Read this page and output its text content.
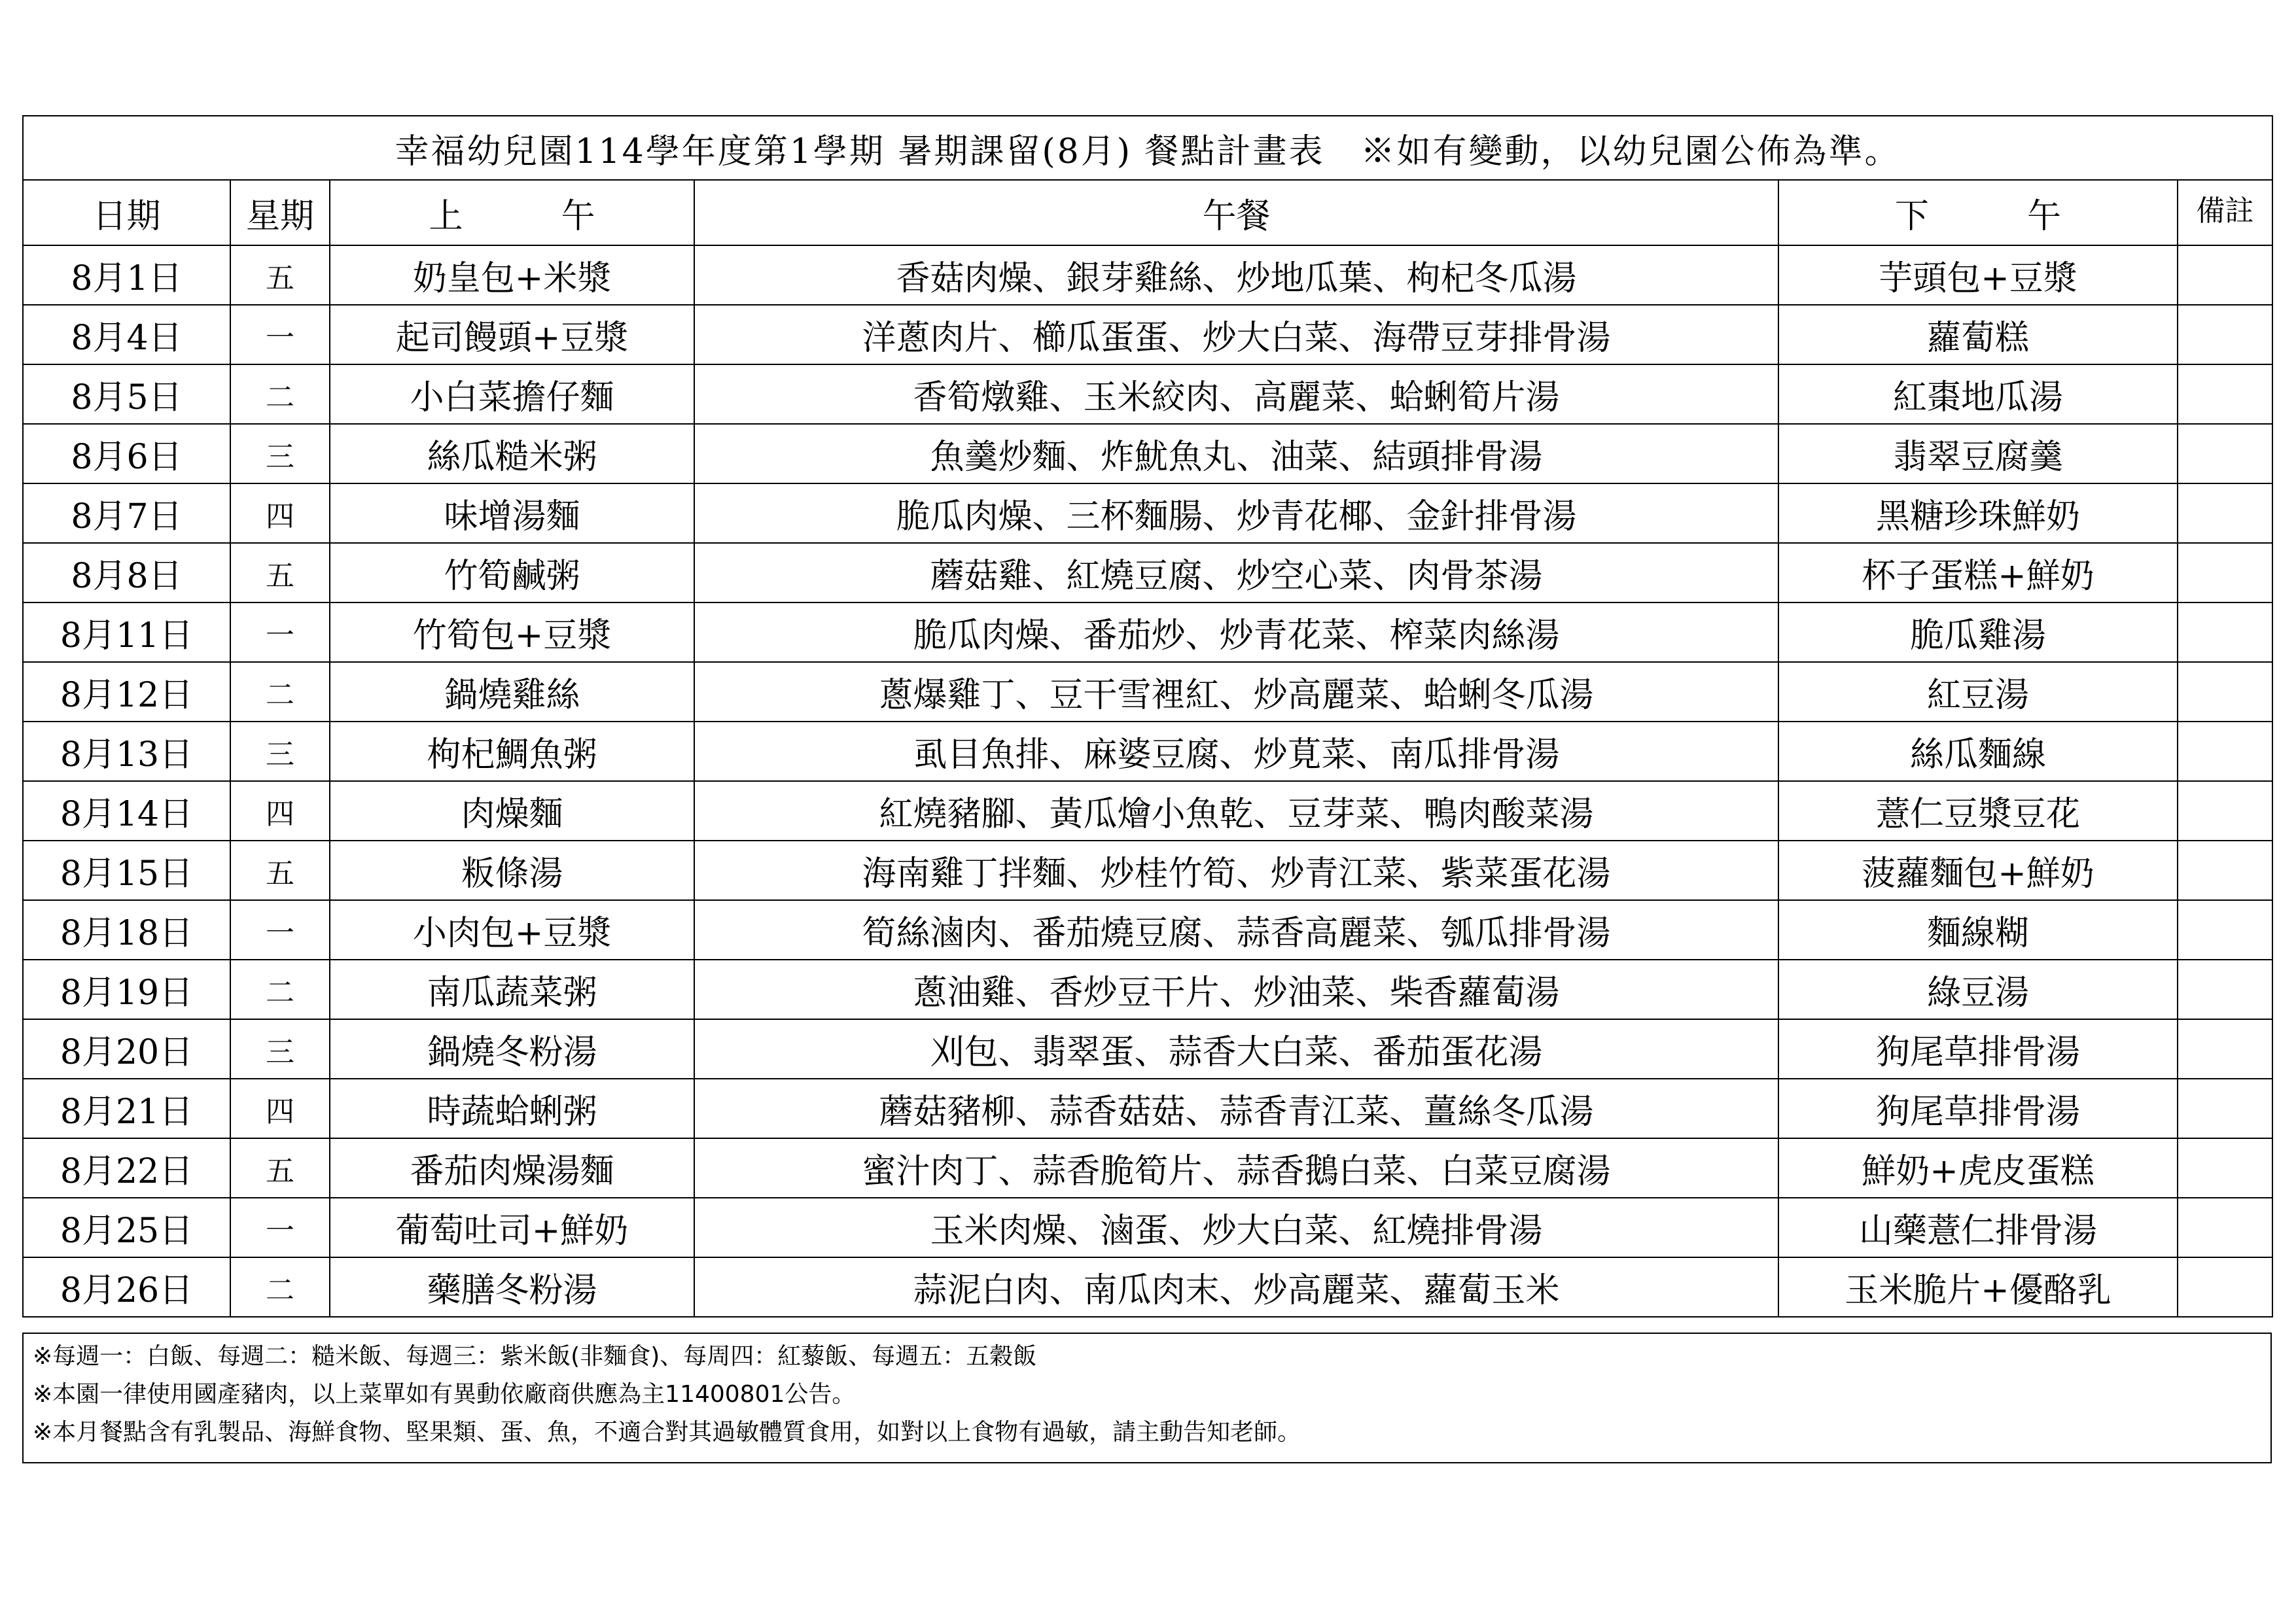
幸福幼兒園114學年度第1學期 暑期課留(8月) 餐點計畫表　※如有變動，以幼兒園公佈為準。					
日期	星期	上午	午餐	下午	備註
8月1日	五	奶皇包+米漿	香菇肉燥、銀芽雞絲、炒地瓜葉、枸杞冬瓜湯	芋頭包+豆漿	
8月4日	一	起司饅頭+豆漿	洋蔥肉片、櫛瓜蛋蛋、炒大白菜、海帶豆芽排骨湯	蘿蔔糕	
8月5日	二	小白菜擔仔麵	香筍燉雞、玉米絞肉、高麗菜、蛤蜊筍片湯	紅棗地瓜湯	
8月6日	三	絲瓜糙米粥	魚羹炒麵、炸魷魚丸、油菜、結頭排骨湯	翡翠豆腐羹	
8月7日	四	味增湯麵	脆瓜肉燥、三杯麵腸、炒青花椰、金針排骨湯	黑糖珍珠鮮奶	
8月8日	五	竹筍鹹粥	蘑菇雞、紅燒豆腐、炒空心菜、肉骨茶湯	杯子蛋糕+鮮奶	
8月11日	一	竹筍包+豆漿	脆瓜肉燥、番茄炒、炒青花菜、榨菜肉絲湯	脆瓜雞湯	
8月12日	二	鍋燒雞絲	蔥爆雞丁、豆干雪裡紅、炒高麗菜、蛤蜊冬瓜湯	紅豆湯	
8月13日	三	枸杞鯛魚粥	虱目魚排、麻婆豆腐、炒莧菜、南瓜排骨湯	絲瓜麵線	
8月14日	四	肉燥麵	紅燒豬腳、黃瓜燴小魚乾、豆芽菜、鴨肉酸菜湯	薏仁豆漿豆花	
8月15日	五	粄條湯	海南雞丁拌麵、炒桂竹筍、炒青江菜、紫菜蛋花湯	菠蘿麵包+鮮奶	
8月18日	一	小肉包+豆漿	筍絲滷肉、番茄燒豆腐、蒜香高麗菜、瓠瓜排骨湯	麵線糊	
8月19日	二	南瓜蔬菜粥	蔥油雞、香炒豆干片、炒油菜、柴香蘿蔔湯	綠豆湯	
8月20日	三	鍋燒冬粉湯	刈包、翡翠蛋、蒜香大白菜、番茄蛋花湯	狗尾草排骨湯	
8月21日	四	時蔬蛤蜊粥	蘑菇豬柳、蒜香菇菇、蒜香青江菜、薑絲冬瓜湯	狗尾草排骨湯	
8月22日	五	番茄肉燥湯麵	蜜汁肉丁、蒜香脆筍片、蒜香鵝白菜、白菜豆腐湯	鮮奶+虎皮蛋糕	
8月25日	一	葡萄吐司+鮮奶	玉米肉燥、滷蛋、炒大白菜、紅燒排骨湯	山藥薏仁排骨湯	
8月26日	二	藥膳冬粉湯	蒜泥白肉、南瓜肉末、炒高麗菜、蘿蔔玉米	玉米脆片+優酪乳	
※每週一：白飯、每週二：糙米飯、每週三：紫米飯(非麵食)、每周四：紅藜飯、每週五：五穀飯
※本園一律使用國產豬肉，以上菜單如有異動依廠商供應為主11400801公告。
※本月餐點含有乳製品、海鮮食物、堅果類、蛋、魚，不適合對其過敏體質食用，如對以上食物有過敏，請主動告知老師。
